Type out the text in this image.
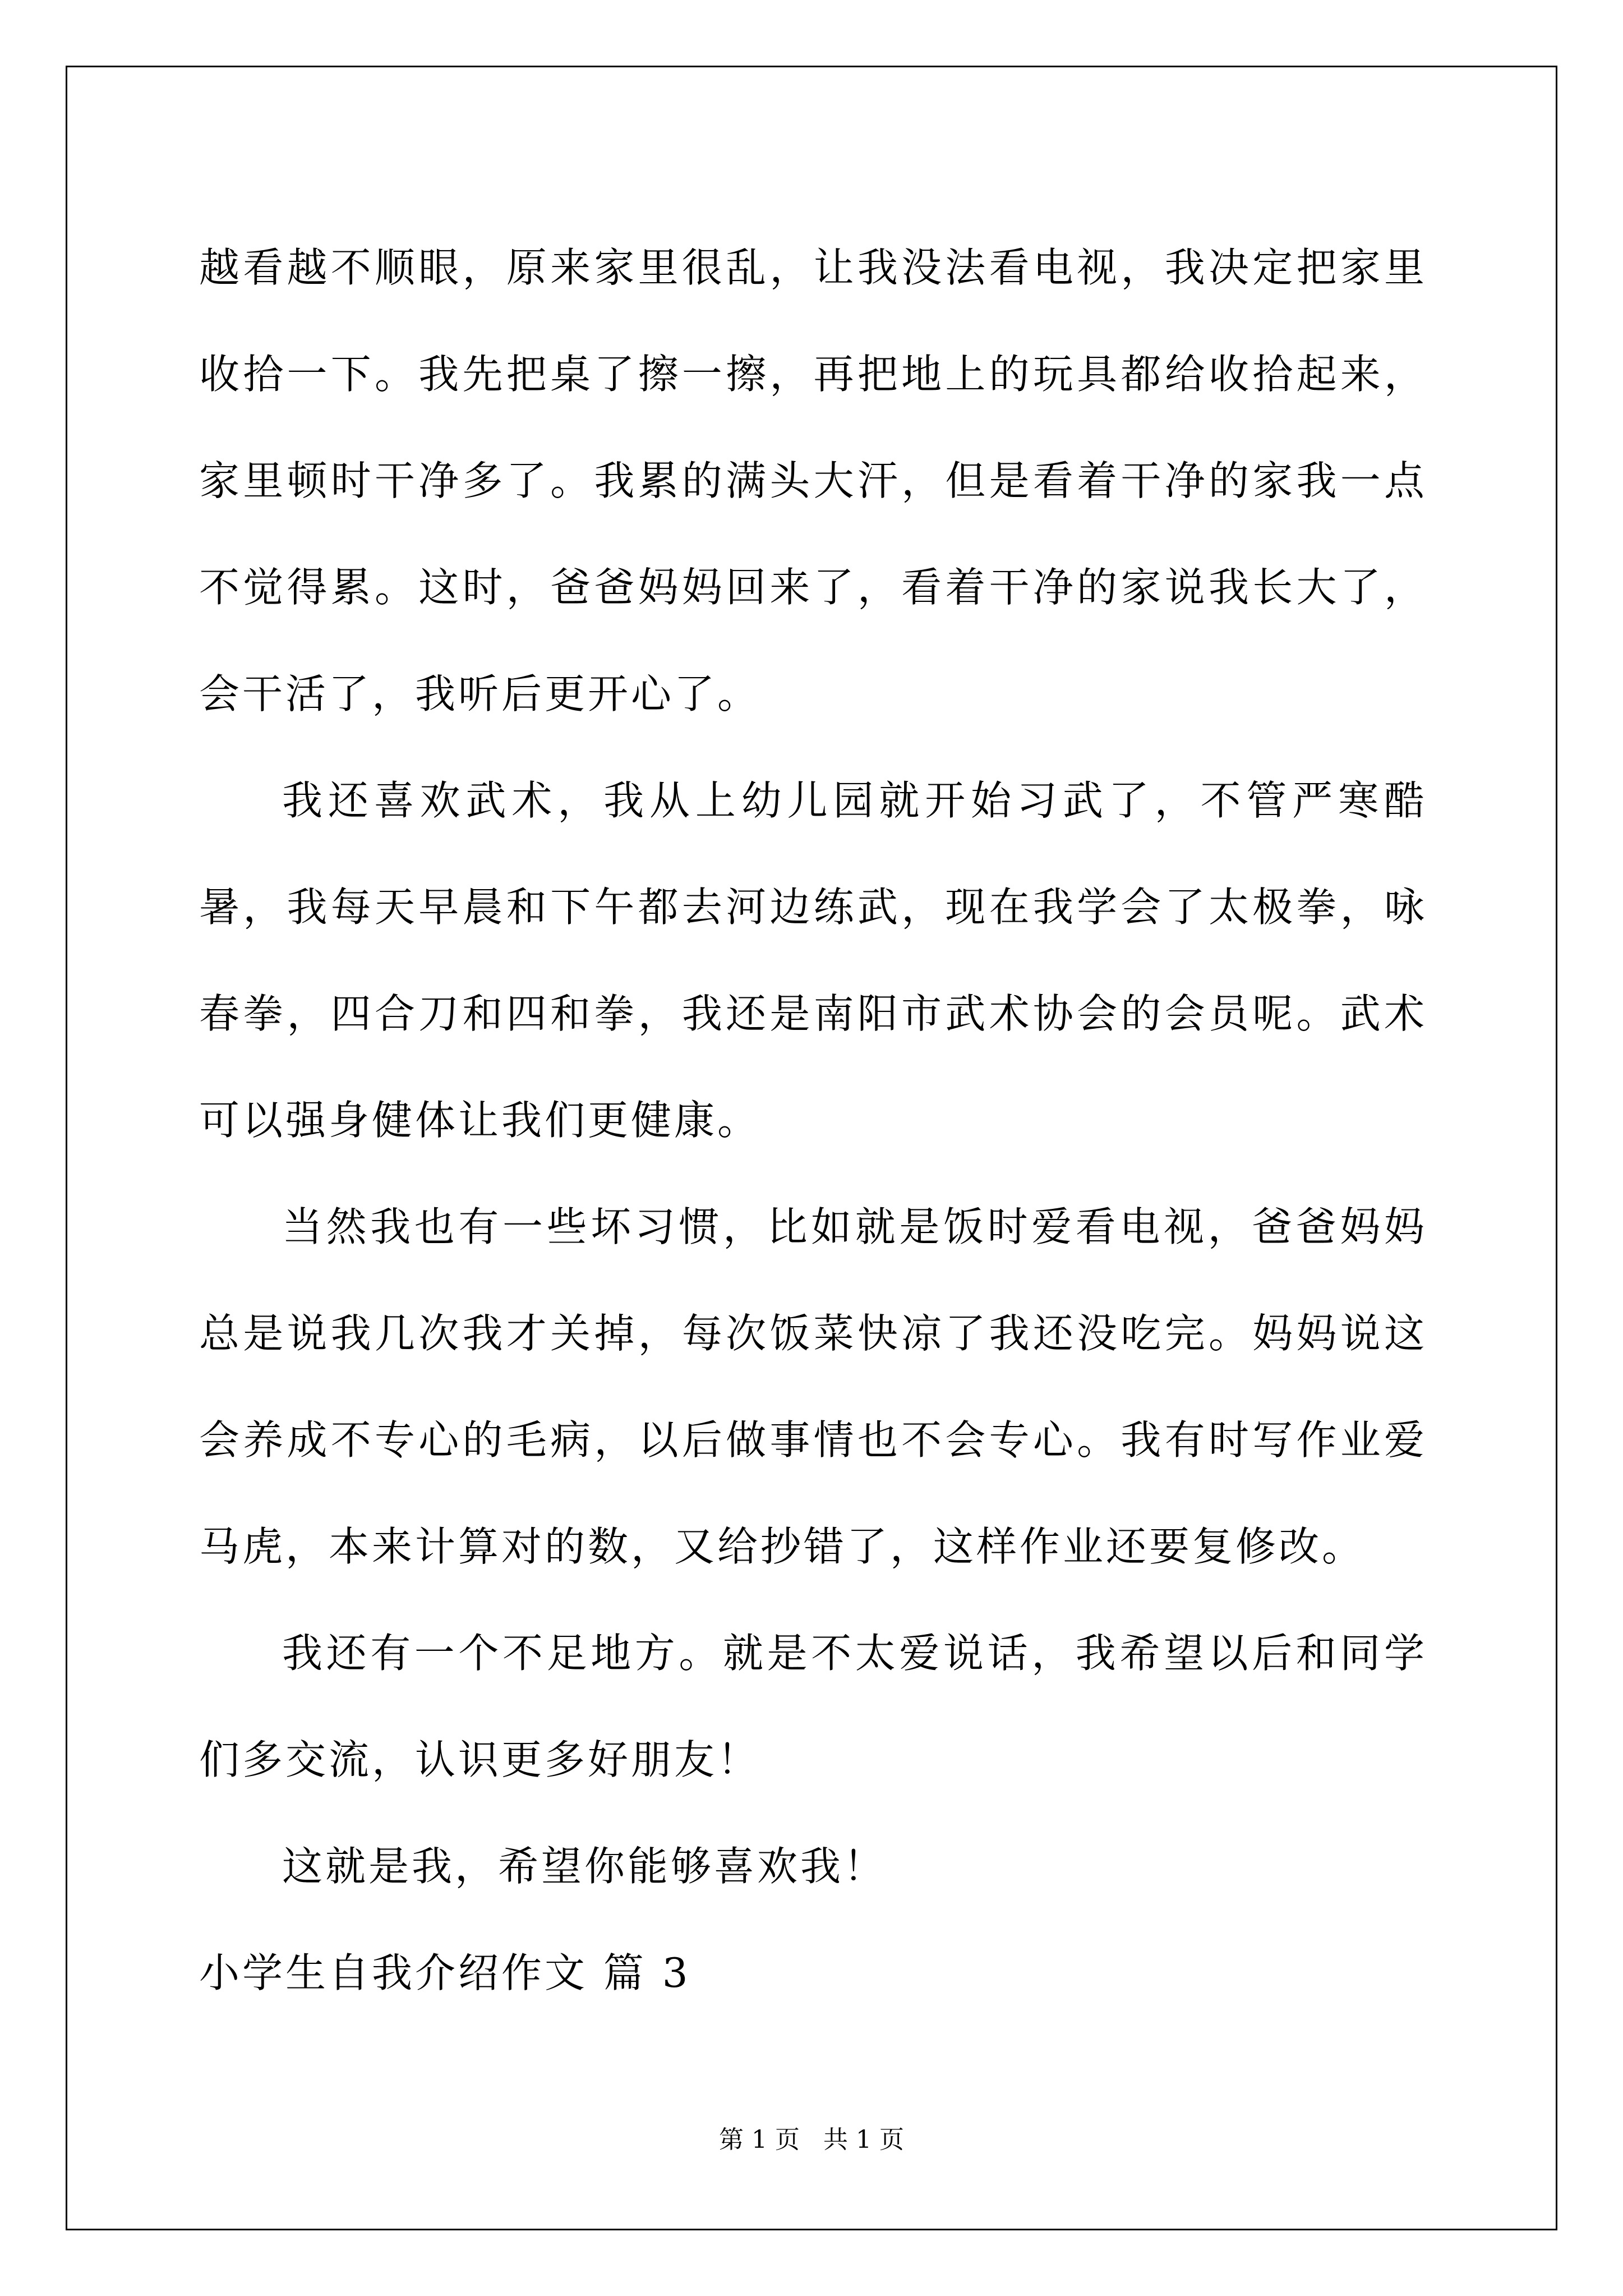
越看越不顺眼，原来家里很乱，让我没法看电视，我决定把家里收拾一下。我先把桌了擦一擦，再把地上的玩具都给收拾起来，家里顿时干净多了。我累的满头大汗，但是看着干净的家我一点不觉得累。这时，爸爸妈妈回来了，看着干净的家说我长大了，会干活了，我听后更开心了。

我还喜欢武术，我从上幼儿园就开始习武了，不管严寒酷暑，我每天早晨和下午都去河边练武，现在我学会了太极拳，咏春拳，四合刀和四和拳，我还是南阳市武术协会的会员呢。武术可以强身健体让我们更健康。

当然我也有一些坏习惯，比如就是饭时爱看电视，爸爸妈妈总是说我几次我才关掉，每次饭菜快凉了我还没吃完。妈妈说这会养成不专心的毛病，以后做事情也不会专心。我有时写作业爱马虎，本来计算对的数，又给抄错了，这样作业还要复修改。

我还有一个不足地方。就是不太爱说话，我希望以后和同学们多交流，认识更多好朋友！

这就是我，希望你能够喜欢我！

小学生自我介绍作文 篇 3

第 1 页   共 1 页
